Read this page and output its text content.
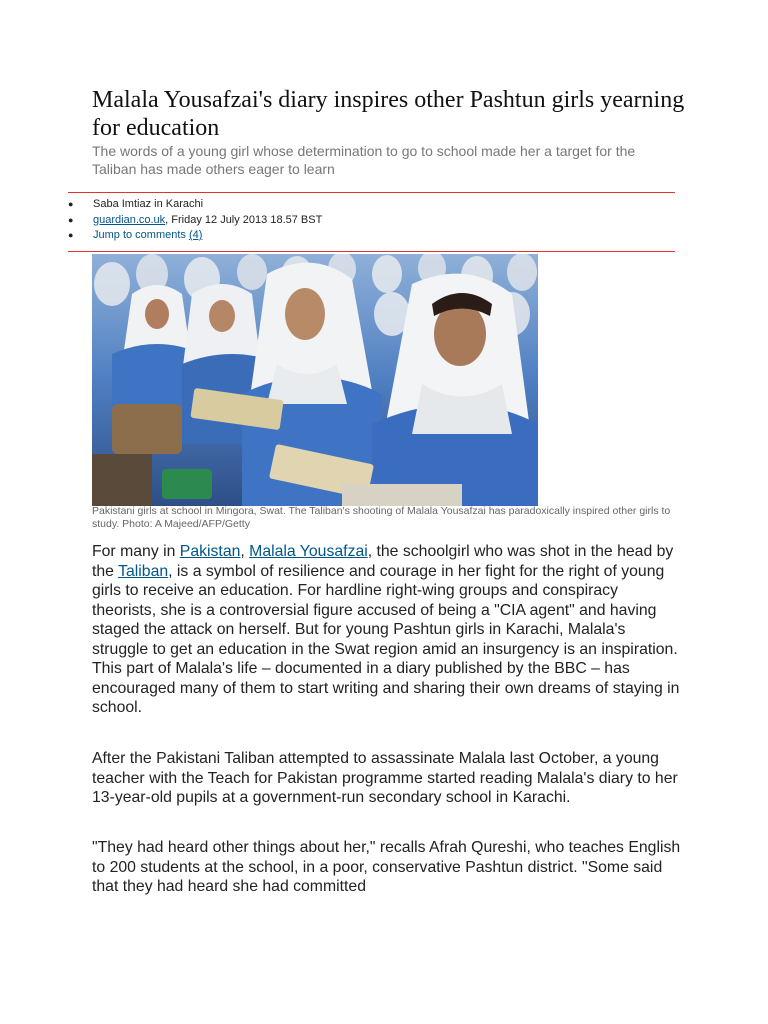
Malala Yousafzai's diary inspires other Pashtun girls yearning for education

The words of a young girl whose determination to go to school made her a target for the Taliban has made others eager to learn

● Saba Imtiaz in Karachi
● guardian.co.uk, Friday 12 July 2013 18.57 BST
● Jump to comments (4)

Pakistani girls at school in Mingora, Swat. The Taliban's shooting of Malala Yousafzai has paradoxically inspired other girls to study. Photo: A Majeed/AFP/Getty

For many in Pakistan, Malala Yousafzai, the schoolgirl who was shot in the head by the Taliban, is a symbol of resilience and courage in her fight for the right of young girls to receive an education. For hardline right-wing groups and conspiracy theorists, she is a controversial figure accused of being a "CIA agent" and having staged the attack on herself. But for young Pashtun girls in Karachi, Malala's struggle to get an education in the Swat region amid an insurgency is an inspiration. This part of Malala's life – documented in a diary published by the BBC – has encouraged many of them to start writing and sharing their own dreams of staying in school.

After the Pakistani Taliban attempted to assassinate Malala last October, a young teacher with the Teach for Pakistan programme started reading Malala's diary to her 13-year-old pupils at a government-run secondary school in Karachi.

"They had heard other things about her," recalls Afrah Qureshi, who teaches English to 200 students at the school, in a poor, conservative Pashtun district. "Some said that they had heard she had committed
